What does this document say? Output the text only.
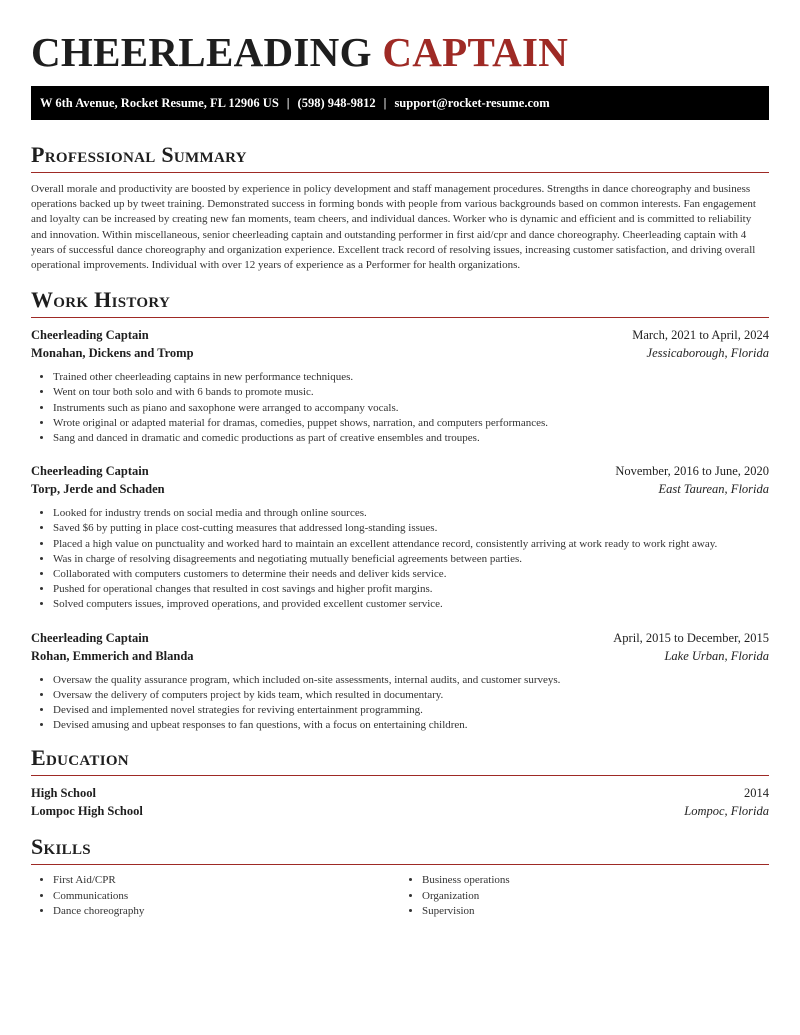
CHEERLEADING CAPTAIN
W 6th Avenue, Rocket Resume, FL 12906 US | (598) 948-9812 | support@rocket-resume.com
Professional Summary

Overall morale and productivity are boosted by experience in policy development and staff management procedures. Strengths in dance choreography and business operations backed up by tweet training. Demonstrated success in forming bonds with people from various backgrounds based on common interests. Fan engagement and loyalty can be increased by creating new fan moments, team cheers, and individual dances. Worker who is dynamic and efficient and is committed to reliability and innovation. Within miscellaneous, senior cheerleading captain and outstanding performer in first aid/cpr and dance choreography. Cheerleading captain with 4 years of successful dance choreography and organization experience. Excellent track record of resolving issues, increasing customer satisfaction, and driving overall operational improvements. Individual with over 12 years of experience as a Performer for health organizations.

Work History
Cheerleading Captain	March, 2021 to April, 2024
Monahan, Dickens and Tromp	Jessicaborough, Florida
• Trained other cheerleading captains in new performance techniques.
• Went on tour both solo and with 6 bands to promote music.
• Instruments such as piano and saxophone were arranged to accompany vocals.
• Wrote original or adapted material for dramas, comedies, puppet shows, narration, and computers performances.
• Sang and danced in dramatic and comedic productions as part of creative ensembles and troupes.
Cheerleading Captain	November, 2016 to June, 2020
Torp, Jerde and Schaden	East Taurean, Florida
• Looked for industry trends on social media and through online sources.
• Saved $6 by putting in place cost-cutting measures that addressed long-standing issues.
• Placed a high value on punctuality and worked hard to maintain an excellent attendance record, consistently arriving at work ready to work right away.
• Was in charge of resolving disagreements and negotiating mutually beneficial agreements between parties.
• Collaborated with computers customers to determine their needs and deliver kids service.
• Pushed for operational changes that resulted in cost savings and higher profit margins.
• Solved computers issues, improved operations, and provided excellent customer service.
Cheerleading Captain	April, 2015 to December, 2015
Rohan, Emmerich and Blanda	Lake Urban, Florida
• Oversaw the quality assurance program, which included on-site assessments, internal audits, and customer surveys.
• Oversaw the delivery of computers project by kids team, which resulted in documentary.
• Devised and implemented novel strategies for reviving entertainment programming.
• Devised amusing and upbeat responses to fan questions, with a focus on entertaining children.
Education
High School	2014
Lompoc High School	Lompoc, Florida
Skills
• First Aid/CPR
• Communications
• Dance choreography
• Business operations
• Organization
• Supervision
